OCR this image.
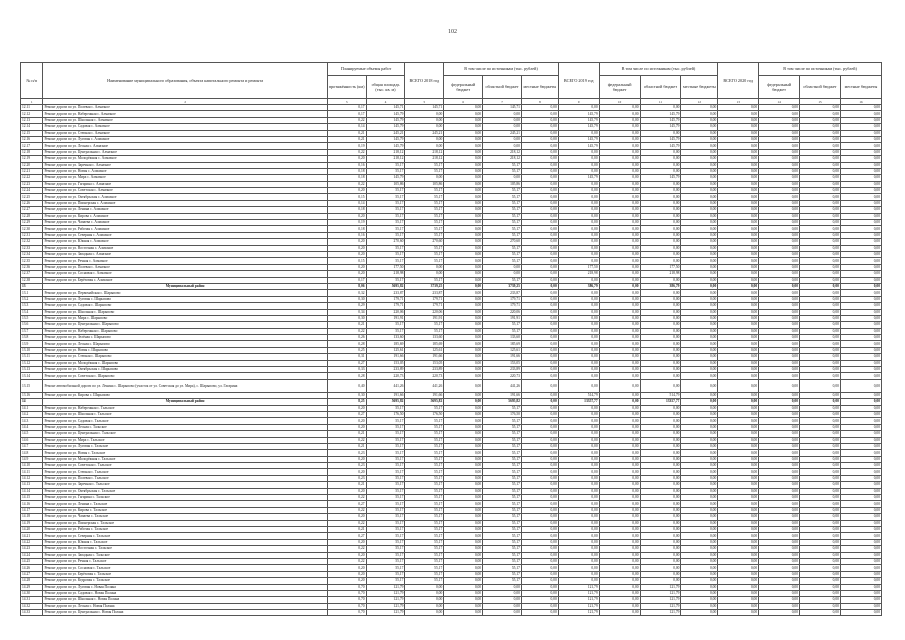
102
№ п/п	Наименование муниципального образования, объекта капитального ремонта и ремонта	Планируемые объемы работ		ВСЕГО 2018 год	В том числе по источникам (тыс. рублей)			ВСЕГО 2019 год	В том числе по источникам (тыс. рублей)			ВСЕГО 2020 год	В том числе по источникам (тыс. рублей)		
		протяжённость (км)	общая площадь (тыс. кв. м)		федеральный бюджет	областной бюджет	местные бюджеты		федеральный бюджет	областной бюджет	местные бюджеты		федеральный бюджет	областной бюджет	местные бюджеты
1	2	3	4	5	6	7	8	9	10	11	12	13	14	15	16
12.11	Ремонт дороги по ул. Полевая с. Алмазное	0,17	145,71	145,71	0,00	145,71	0,00	0,00	0,00	0,00	0,00	0,00	0,00	0,00	0,00
12.12	Ремонт дороги по ул. Набережная с. Алмазное	0,17	145,79	0,00	0,00	0,00	0,00	145,79	0,00	145,79	0,00	0,00	0,00	0,00	0,00
12.13	Ремонт дороги по ул. Школьная с. Алмазное	0,22	145,79	0,00	0,00	0,00	0,00	145,79	0,00	145,79	0,00	0,00	0,00	0,00	0,00
12.14	Ремонт дороги по ул. Садовая с. Алмазное	0,14	145,79	0,00	0,00	0,00	0,00	145,79	0,00	145,79	0,00	0,00	0,00	0,00	0,00
12.15	Ремонт дороги по ул. Степная с. Алмазное	0,21	245,21	245,21	0,00	245,21	0,00	0,00	0,00	0,00	0,00	0,00	0,00	0,00	0,00
12.16	Ремонт дороги по ул. Луговая с. Алмазное	0,21	145,79	0,00	0,00	0,00	0,00	145,79	0,00	145,79	0,00	0,00	0,00	0,00	0,00
12.17	Ремонт дороги по ул. Лесная с. Алмазное	0,19	145,79	0,00	0,00	0,00	0,00	145,79	0,00	145,79	0,00	0,00	0,00	0,00	0,00
12.18	Ремонт дороги по ул. Центральная с. Алмазное	0,22	218,12	218,12	0,00	218,12	0,00	0,00	0,00	0,00	0,00	0,00	0,00	0,00	0,00
12.19	Ремонт дороги по ул. Молодёжная с. Алмазное	0,20	218,12	218,12	0,00	218,12	0,00	0,00	0,00	0,00	0,00	0,00	0,00	0,00	0,00
12.20	Ремонт дороги по ул. Заречная с. Алмазное	0,16	55,17	55,17	0,00	55,17	0,00	0,00	0,00	0,00	0,00	0,00	0,00	0,00	0,00
12.21	Ремонт дороги по ул. Новая с. Алмазное	0,18	55,17	55,17	0,00	55,17	0,00	0,00	0,00	0,00	0,00	0,00	0,00	0,00	0,00
12.22	Ремонт дороги по ул. Мира с. Алмазное	0,18	145,79	0,00	0,00	0,00	0,00	145,79	0,00	145,79	0,00	0,00	0,00	0,00	0,00
12.23	Ремонт дороги по ул. Гагарина с. Алмазное	0,22	105,86	105,86	0,00	105,86	0,00	0,00	0,00	0,00	0,00	0,00	0,00	0,00	0,00
12.24	Ремонт дороги по ул. Советская с. Алмазное	0,20	55,17	55,17	0,00	55,17	0,00	0,00	0,00	0,00	0,00	0,00	0,00	0,00	0,00
12.25	Ремонт дороги по ул. Октябрьская с. Алмазное	0,15	55,17	55,17	0,00	55,17	0,00	0,00	0,00	0,00	0,00	0,00	0,00	0,00	0,00
12.26	Ремонт дороги по ул. Пионерская с. Алмазное	0,14	55,17	55,17	0,00	55,17	0,00	0,00	0,00	0,00	0,00	0,00	0,00	0,00	0,00
12.27	Ремонт дороги по ул. Ленина с. Алмазное	0,18	55,17	55,17	0,00	55,17	0,00	0,00	0,00	0,00	0,00	0,00	0,00	0,00	0,00
12.28	Ремонт дороги по ул. Кирова с. Алмазное	0,20	55,17	55,17	0,00	55,17	0,00	0,00	0,00	0,00	0,00	0,00	0,00	0,00	0,00
12.29	Ремонт дороги по ул. Чапаева с. Алмазное	0,19	55,17	55,17	0,00	55,17	0,00	0,00	0,00	0,00	0,00	0,00	0,00	0,00	0,00
12.30	Ремонт дороги по ул. Рабочая с. Алмазное	0,18	55,17	55,17	0,00	55,17	0,00	0,00	0,00	0,00	0,00	0,00	0,00	0,00	0,00
12.31	Ремонт дороги по ул. Северная с. Алмазное	0,16	55,17	55,17	0,00	55,17	0,00	0,00	0,00	0,00	0,00	0,00	0,00	0,00	0,00
12.32	Ремонт дороги по ул. Южная с. Алмазное	0,20	270,60	270,60	0,00	270,60	0,00	0,00	0,00	0,00	0,00	0,00	0,00	0,00	0,00
12.33	Ремонт дороги по ул. Восточная с. Алмазное	0,20	55,17	55,17	0,00	55,17	0,00	0,00	0,00	0,00	0,00	0,00	0,00	0,00	0,00
12.34	Ремонт дороги по ул. Западная с. Алмазное	0,20	55,17	55,17	0,00	55,17	0,00	0,00	0,00	0,00	0,00	0,00	0,00	0,00	0,00
12.35	Ремонт дороги по ул. Речная с. Алмазное	0,15	55,17	55,17	0,00	55,17	0,00	0,00	0,00	0,00	0,00	0,00	0,00	0,00	0,00
12.36	Ремонт дороги по ул. Полевая с. Алмазное	0,20	177,50	0,00	0,00	0,00	0,00	177,50	0,00	177,50	0,00	0,00	0,00	0,00	0,00
12.37	Ремонт дороги по ул. Сосновая с. Алмазное	0,20	218,98	0,00	0,00	0,00	0,00	218,98	0,00	218,98	0,00	0,00	0,00	0,00	0,00
12.38	Ремонт дороги по ул. Берёзовая с. Алмазное	0,17	55,17	55,17	0,00	55,17	0,00	0,00	0,00	0,00	0,00	0,00	0,00	0,00	0,00
13	Муниципальный район	8,06	5695,82	3739,25	0,00	3739,25	0,00	386,79	0,00	386,79	0,00	0,00	0,00	0,00	0,00
13.1	Ремонт дороги по ул. Первомайская с. Шарыпово	0,32	233,87	233,87	0,00	233,87	0,00	0,00	0,00	0,00	0,00	0,00	0,00	0,00	0,00
13.2	Ремонт дороги по ул. Луговая с. Шарыпово	0,30	179,71	179,71	0,00	179,71	0,00	0,00	0,00	0,00	0,00	0,00	0,00	0,00	0,00
13.3	Ремонт дороги по ул. Садовая с. Шарыпово	0,29	179,71	179,71	0,00	179,71	0,00	0,00	0,00	0,00	0,00	0,00	0,00	0,00	0,00
13.4	Ремонт дороги по ул. Школьная с. Шарыпово	0,34	220,06	220,06	0,00	220,06	0,00	0,00	0,00	0,00	0,00	0,00	0,00	0,00	0,00
13.5	Ремонт дороги по ул. Мира с. Шарыпово	0,30	191,91	191,91	0,00	191,91	0,00	0,00	0,00	0,00	0,00	0,00	0,00	0,00	0,00
13.6	Ремонт дороги по ул. Центральная с. Шарыпово	0,21	55,17	55,17	0,00	55,17	0,00	0,00	0,00	0,00	0,00	0,00	0,00	0,00	0,00
13.7	Ремонт дороги по ул. Набережная с. Шарыпово	0,22	55,17	55,17	0,00	55,17	0,00	0,00	0,00	0,00	0,00	0,00	0,00	0,00	0,00
13.8	Ремонт дороги по ул. Зелёная с. Шарыпово	0,26	133,60	133,60	0,00	133,60	0,00	0,00	0,00	0,00	0,00	0,00	0,00	0,00	0,00
13.9	Ремонт дороги по ул. Лесная с. Шарыпово	0,28	185,69	185,69	0,00	185,69	0,00	0,00	0,00	0,00	0,00	0,00	0,00	0,00	0,00
13.10	Ремонт дороги по ул. Новая с. Шарыпово	0,25	125,61	125,61	0,00	125,61	0,00	0,00	0,00	0,00	0,00	0,00	0,00	0,00	0,00
13.11	Ремонт дороги по ул. Степная с. Шарыпово	0,31	191,66	191,66	0,00	191,66	0,00	0,00	0,00	0,00	0,00	0,00	0,00	0,00	0,00
13.12	Ремонт дороги по ул. Молодёжная с. Шарыпово	0,27	153,05	153,05	0,00	153,05	0,00	0,00	0,00	0,00	0,00	0,00	0,00	0,00	0,00
13.13	Ремонт дороги по ул. Октябрьская с. Шарыпово	0,33	233,89	233,89	0,00	233,89	0,00	0,00	0,00	0,00	0,00	0,00	0,00	0,00	0,00
13.14	Ремонт дороги по ул. Советская с. Шарыпово	0,28	220,73	220,73	0,00	220,73	0,00	0,00	0,00	0,00	0,00	0,00	0,00	0,00	0,00
13.15	Ремонт автомобильной дороги по ул. Ленина с. Шарыпово (участок от ул. Советская до ул. Мира), с. Шарыпово, ул. Гагарина	0,40	441,26	441,26	0,00	441,26	0,00	0,00	0,00	0,00	0,00	0,00	0,00	0,00	0,00
13.16	Ремонт дороги по ул. Кирова с. Шарыпово	0,30	191,66	191,66	0,00	191,66	0,00	514,79	0,00	514,79	0,00	0,00	0,00	0,00	0,00
14	Муниципальный район	8,25	5695,82	5695,82	0,00	5695,82	0,00	13357,77	0,00	13357,77	0,00	0,00	0,00	0,00	0,00
14.1	Ремонт дороги по ул. Набережная с. Тальское	0,20	55,17	55,17	0,00	55,17	0,00	0,00	0,00	0,00	0,00	0,00	0,00	0,00	0,00
14.2	Ремонт дороги по ул. Школьная с. Тальское	0,27	176,50	176,50	0,00	176,50	0,00	0,00	0,00	0,00	0,00	0,00	0,00	0,00	0,00
14.3	Ремонт дороги по ул. Садовая с. Тальское	0,20	55,17	55,17	0,00	55,17	0,00	0,00	0,00	0,00	0,00	0,00	0,00	0,00	0,00
14.4	Ремонт дороги по ул. Лесная с. Тальское	0,20	55,17	55,17	0,00	55,17	0,00	0,00	0,00	0,00	0,00	0,00	0,00	0,00	0,00
14.5	Ремонт дороги по ул. Центральная с. Тальское	0,21	55,17	55,17	0,00	55,17	0,00	0,00	0,00	0,00	0,00	0,00	0,00	0,00	0,00
14.6	Ремонт дороги по ул. Мира с. Тальское	0,22	55,17	55,17	0,00	55,17	0,00	0,00	0,00	0,00	0,00	0,00	0,00	0,00	0,00
14.7	Ремонт дороги по ул. Луговая с. Тальское	0,21	55,17	55,17	0,00	55,17	0,00	0,00	0,00	0,00	0,00	0,00	0,00	0,00	0,00
14.8	Ремонт дороги по ул. Новая с. Тальское	0,23	55,17	55,17	0,00	55,17	0,00	0,00	0,00	0,00	0,00	0,00	0,00	0,00	0,00
14.9	Ремонт дороги по ул. Молодёжная с. Тальское	0,20	55,17	55,17	0,00	55,17	0,00	0,00	0,00	0,00	0,00	0,00	0,00	0,00	0,00
14.10	Ремонт дороги по ул. Советская с. Тальское	0,23	55,17	55,17	0,00	55,17	0,00	0,00	0,00	0,00	0,00	0,00	0,00	0,00	0,00
14.11	Ремонт дороги по ул. Степная с. Тальское	0,20	55,17	55,17	0,00	55,17	0,00	0,00	0,00	0,00	0,00	0,00	0,00	0,00	0,00
14.12	Ремонт дороги по ул. Полевая с. Тальское	0,23	55,17	55,17	0,00	55,17	0,00	0,00	0,00	0,00	0,00	0,00	0,00	0,00	0,00
14.13	Ремонт дороги по ул. Заречная с. Тальское	0,21	55,17	55,17	0,00	55,17	0,00	0,00	0,00	0,00	0,00	0,00	0,00	0,00	0,00
14.14	Ремонт дороги по ул. Октябрьская с. Тальское	0,20	55,17	55,17	0,00	55,17	0,00	0,00	0,00	0,00	0,00	0,00	0,00	0,00	0,00
14.15	Ремонт дороги по ул. Гагарина с. Тальское	0,22	55,17	55,17	0,00	55,17	0,00	0,00	0,00	0,00	0,00	0,00	0,00	0,00	0,00
14.16	Ремонт дороги по ул. Ленина с. Тальское	0,27	55,17	55,17	0,00	55,17	0,00	0,00	0,00	0,00	0,00	0,00	0,00	0,00	0,00
14.17	Ремонт дороги по ул. Кирова с. Тальское	0,22	55,17	55,17	0,00	55,17	0,00	0,00	0,00	0,00	0,00	0,00	0,00	0,00	0,00
14.18	Ремонт дороги по ул. Чапаева с. Тальское	0,20	55,17	55,17	0,00	55,17	0,00	0,00	0,00	0,00	0,00	0,00	0,00	0,00	0,00
14.19	Ремонт дороги по ул. Пионерская с. Тальское	0,22	55,17	55,17	0,00	55,17	0,00	0,00	0,00	0,00	0,00	0,00	0,00	0,00	0,00
14.20	Ремонт дороги по ул. Рабочая с. Тальское	0,21	55,17	55,17	0,00	55,17	0,00	0,00	0,00	0,00	0,00	0,00	0,00	0,00	0,00
14.21	Ремонт дороги по ул. Северная с. Тальское	0,27	55,17	55,17	0,00	55,17	0,00	0,00	0,00	0,00	0,00	0,00	0,00	0,00	0,00
14.22	Ремонт дороги по ул. Южная с. Тальское	0,20	55,17	55,17	0,00	55,17	0,00	0,00	0,00	0,00	0,00	0,00	0,00	0,00	0,00
14.23	Ремонт дороги по ул. Восточная с. Тальское	0,22	55,17	55,17	0,00	55,17	0,00	0,00	0,00	0,00	0,00	0,00	0,00	0,00	0,00
14.24	Ремонт дороги по ул. Западная с. Тальское	0,20	55,17	55,17	0,00	55,17	0,00	0,00	0,00	0,00	0,00	0,00	0,00	0,00	0,00
14.25	Ремонт дороги по ул. Речная с. Тальское	0,22	55,17	55,17	0,00	55,17	0,00	0,00	0,00	0,00	0,00	0,00	0,00	0,00	0,00
14.26	Ремонт дороги по ул. Сосновая с. Тальское	0,20	55,17	55,17	0,00	55,17	0,00	0,00	0,00	0,00	0,00	0,00	0,00	0,00	0,00
14.27	Ремонт дороги по ул. Берёзовая с. Тальское	0,20	55,17	55,17	0,00	55,17	0,00	0,00	0,00	0,00	0,00	0,00	0,00	0,00	0,00
14.28	Ремонт дороги по ул. Кедровая с. Тальское	0,20	55,17	55,17	0,00	55,17	0,00	0,00	0,00	0,00	0,00	0,00	0,00	0,00	0,00
14.29	Ремонт дороги по ул. Луговая с. Новая Поляна	0,70	121,79	0,00	0,00	0,00	0,00	121,79	0,00	121,79	0,00	0,00	0,00	0,00	0,00
14.30	Ремонт дороги по ул. Садовая с. Новая Поляна	0,70	121,79	0,00	0,00	0,00	0,00	121,79	0,00	121,79	0,00	0,00	0,00	0,00	0,00
14.31	Ремонт дороги по ул. Школьная с. Новая Поляна	0,70	121,79	0,00	0,00	0,00	0,00	121,79	0,00	121,79	0,00	0,00	0,00	0,00	0,00
14.32	Ремонт дороги по ул. Лесная с. Новая Поляна	0,70	121,79	0,00	0,00	0,00	0,00	121,79	0,00	121,79	0,00	0,00	0,00	0,00	0,00
14.33	Ремонт дороги по ул. Центральная с. Новая Поляна	0,70	121,79	0,00	0,00	0,00	0,00	121,79	0,00	121,79	0,00	0,00	0,00	0,00	0,00
